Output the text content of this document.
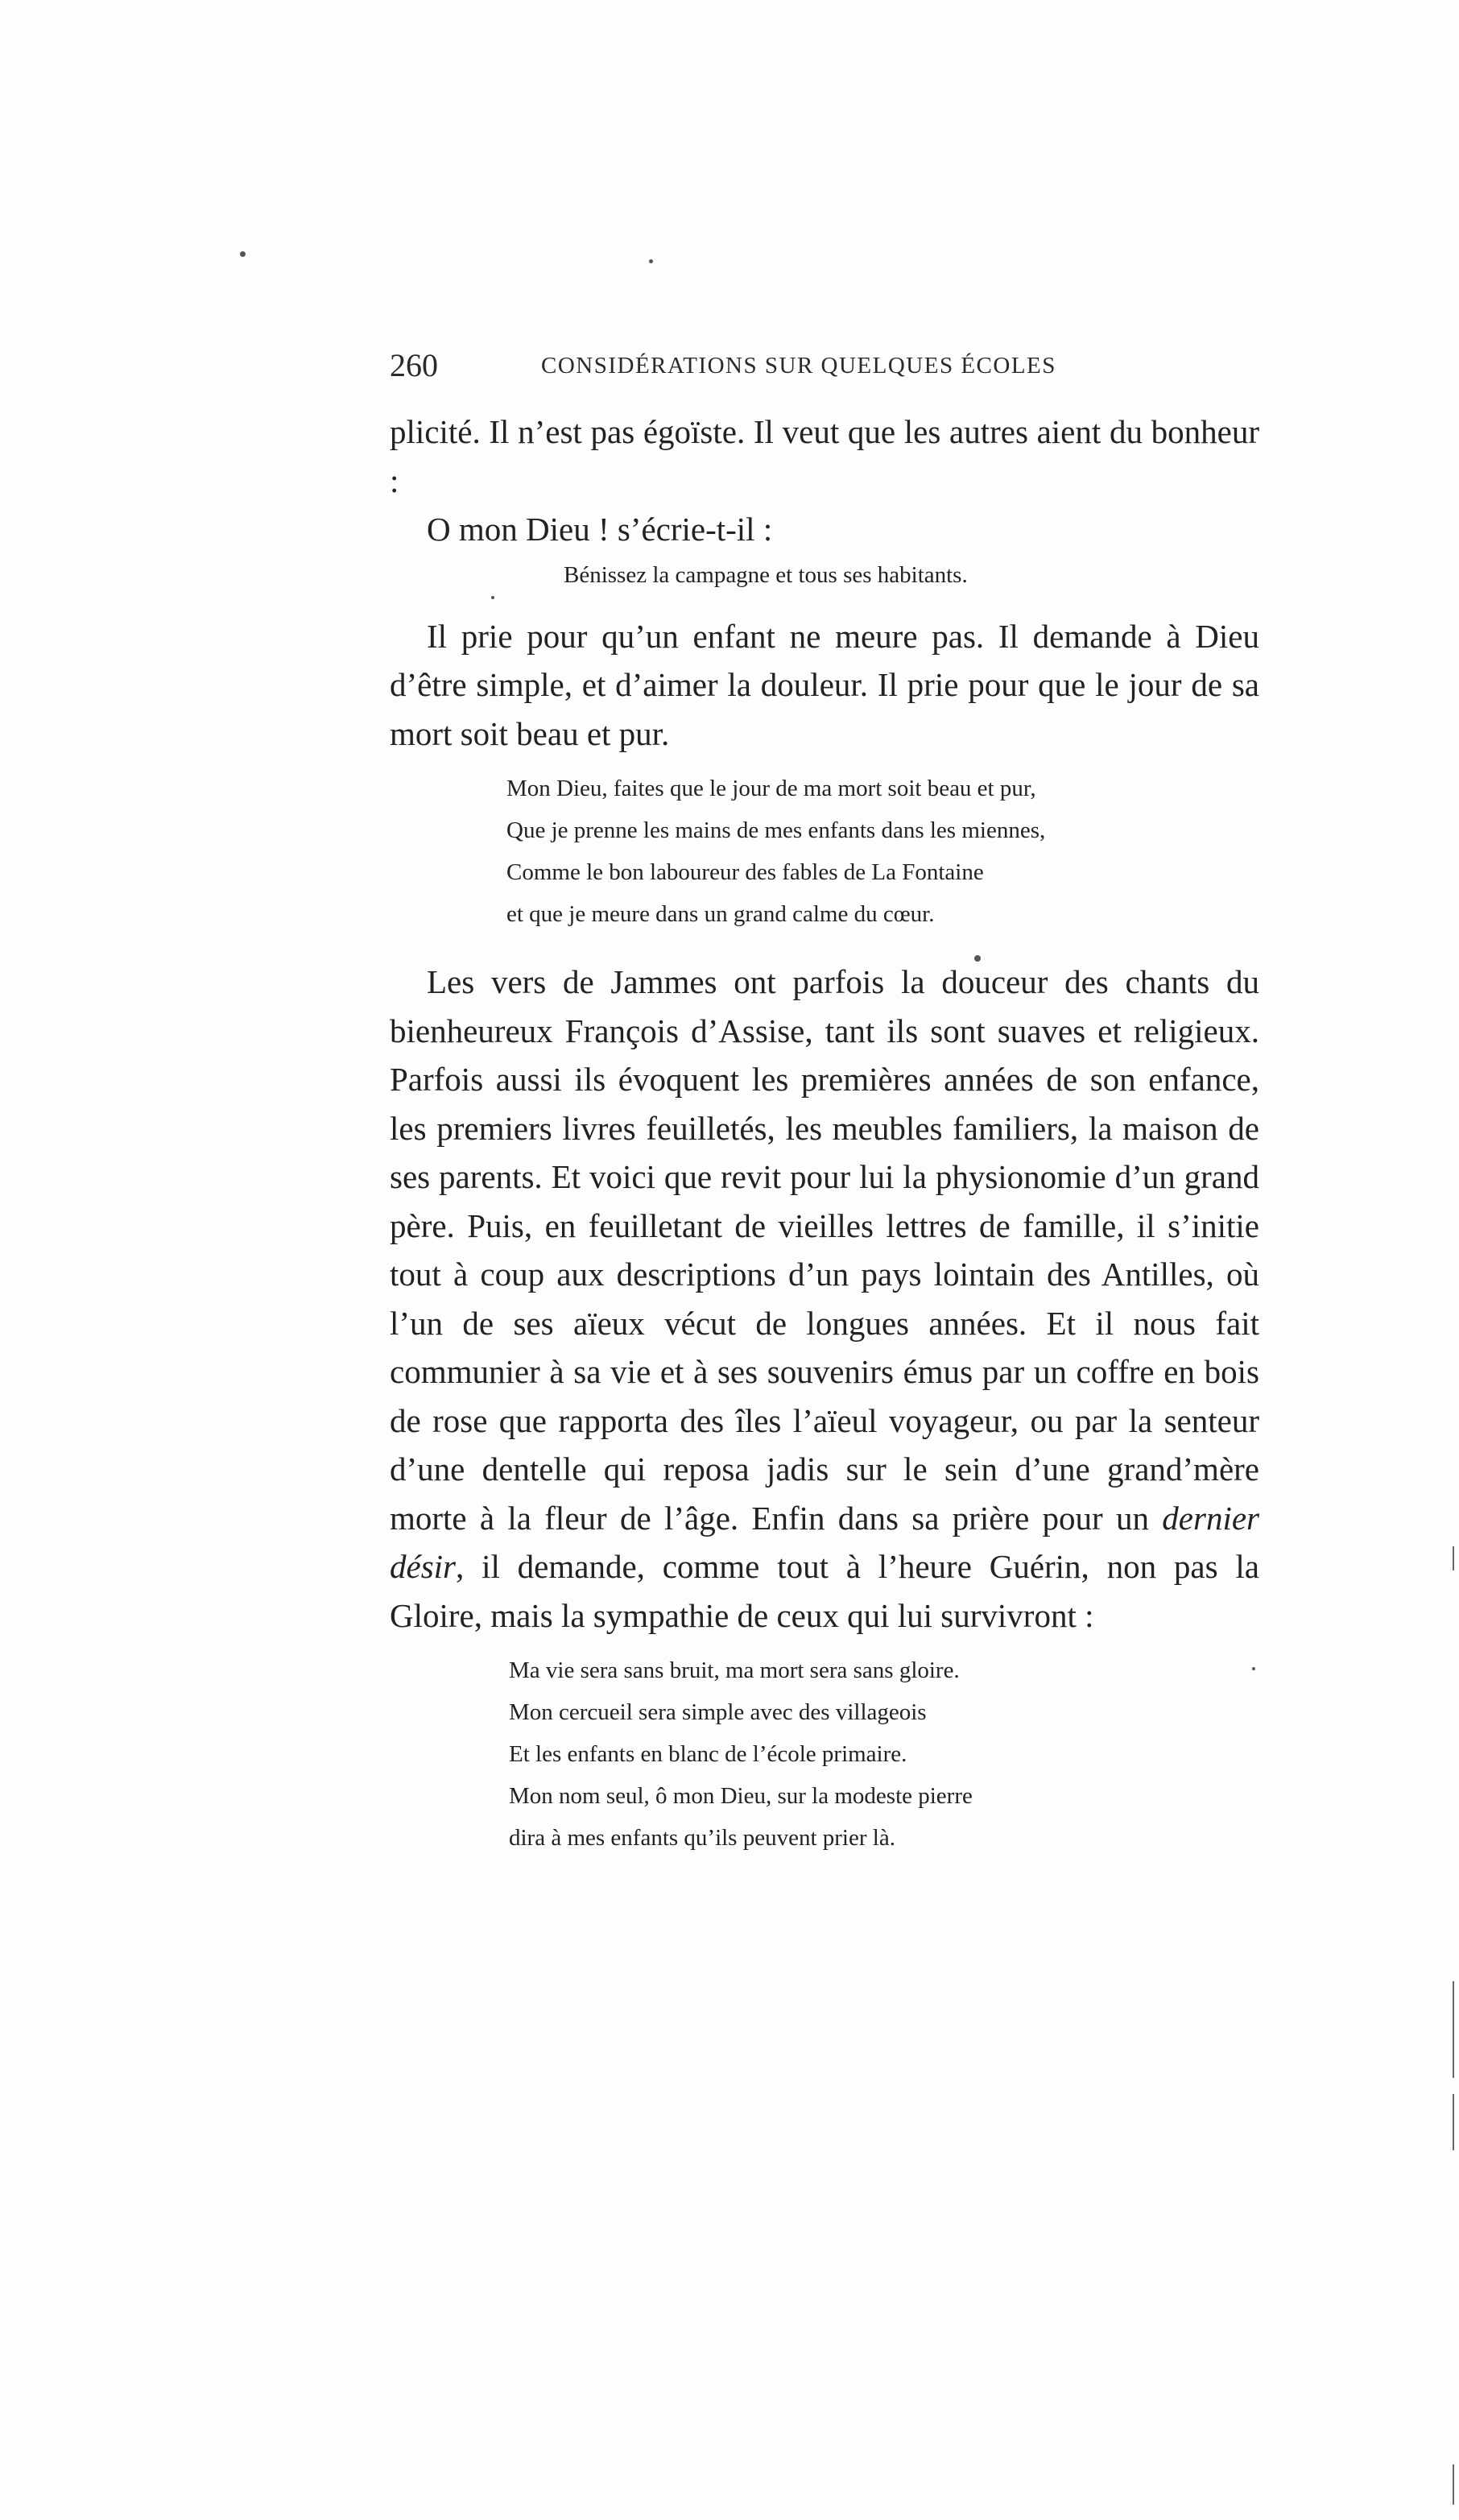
260	CONSIDÉRATIONS SUR QUELQUES ÉCOLES

plicité. Il n’est pas égoïste. Il veut que les autres aient du bonheur :

O mon Dieu ! s’écrie-t-il :

Bénissez la campagne et tous ses habitants.

Il prie pour qu’un enfant ne meure pas. Il demande à Dieu d’être simple, et d’aimer la douleur. Il prie pour que le jour de sa mort soit beau et pur.

Mon Dieu, faites que le jour de ma mort soit beau et pur,
Que je prenne les mains de mes enfants dans les miennes,
Comme le bon laboureur des fables de La Fontaine
et que je meure dans un grand calme du cœur.

Les vers de Jammes ont parfois la douceur des chants du bienheureux François d’Assise, tant ils sont suaves et religieux. Parfois aussi ils évoquent les premières années de son enfance, les premiers livres feuilletés, les meubles familiers, la maison de ses parents. Et voici que revit pour lui la physionomie d’un grand père. Puis, en feuilletant de vieilles lettres de famille, il s’initie tout à coup aux descriptions d’un pays lointain des Antilles, où l’un de ses aïeux vécut de longues années. Et il nous fait communier à sa vie et à ses souvenirs émus par un coffre en bois de rose que rapporta des îles l’aïeul voyageur, ou par la senteur d’une dentelle qui reposa jadis sur le sein d’une grand’mère morte à la fleur de l’âge. Enfin dans sa prière pour un dernier désir, il demande, comme tout à l’heure Guérin, non pas la Gloire, mais la sympathie de ceux qui lui survivront :

Ma vie sera sans bruit, ma mort sera sans gloire.
Mon cercueil sera simple avec des villageois
Et les enfants en blanc de l’école primaire.
Mon nom seul, ô mon Dieu, sur la modeste pierre
dira à mes enfants qu’ils peuvent prier là.
